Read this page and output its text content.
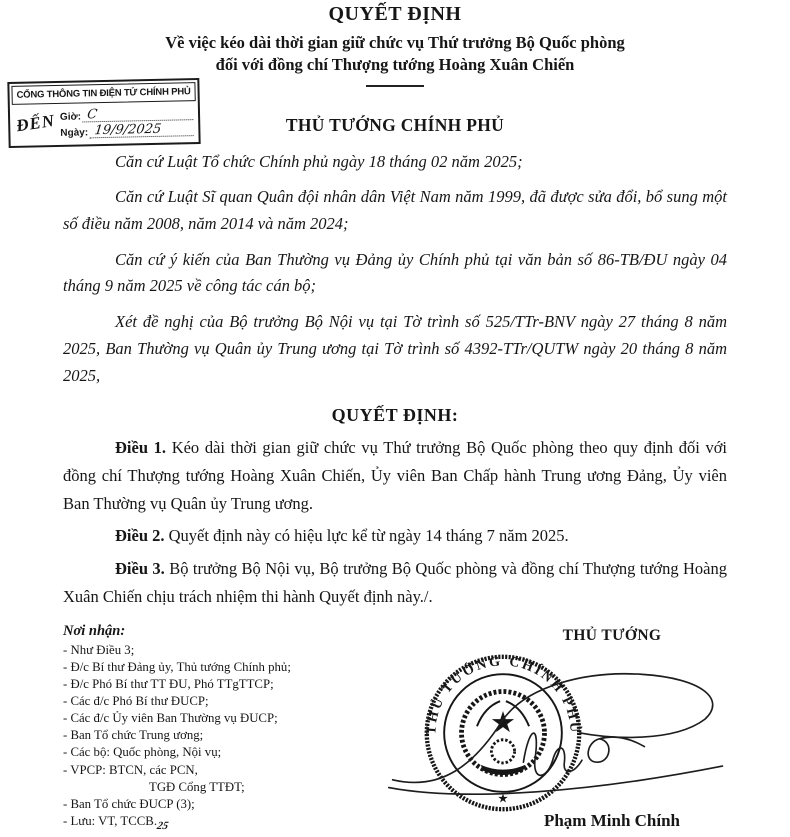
QUYẾT ĐỊNH
Về việc kéo dài thời gian giữ chức vụ Thứ trưởng Bộ Quốc phòng
đối với đồng chí Thượng tướng Hoàng Xuân Chiến
CỔNG THÔNG TIN ĐIỆN TỬ CHÍNH PHỦ
ĐẾN Giờ: C
Ngày: 19/9/2025	THỦ TƯỚNG CHÍNH PHỦ

Căn cứ Luật Tổ chức Chính phủ ngày 18 tháng 02 năm 2025;

Căn cứ Luật Sĩ quan Quân đội nhân dân Việt Nam năm 1999, đã được sửa đổi, bổ sung một số điều năm 2008, năm 2014 và năm 2024;

Căn cứ ý kiến của Ban Thường vụ Đảng ủy Chính phủ tại văn bản số 86-TB/ĐU ngày 04 tháng 9 năm 2025 về công tác cán bộ;

Xét đề nghị của Bộ trưởng Bộ Nội vụ tại Tờ trình số 525/TTr-BNV ngày 27 tháng 8 năm 2025, Ban Thường vụ Quân ủy Trung ương tại Tờ trình số 4392-TTr/QUTW ngày 20 tháng 8 năm 2025,

QUYẾT ĐỊNH:

Điều 1. Kéo dài thời gian giữ chức vụ Thứ trưởng Bộ Quốc phòng theo quy định đối với đồng chí Thượng tướng Hoàng Xuân Chiến, Ủy viên Ban Chấp hành Trung ương Đảng, Ủy viên Ban Thường vụ Quân ủy Trung ương.

Điều 2. Quyết định này có hiệu lực kể từ ngày 14 tháng 7 năm 2025.

Điều 3. Bộ trưởng Bộ Nội vụ, Bộ trưởng Bộ Quốc phòng và đồng chí Thượng tướng Hoàng Xuân Chiến chịu trách nhiệm thi hành Quyết định này./.

Nơi nhận:
- Như Điều 3;
- Đ/c Bí thư Đảng ủy, Thủ tướng Chính phủ;
- Đ/c Phó Bí thư TT ĐU, Phó TTgTTCP;
- Các đ/c Phó Bí thư ĐUCP;
- Các đ/c Ủy viên Ban Thường vụ ĐUCP;
- Ban Tổ chức Trung ương;
- Các bộ: Quốc phòng, Nội vụ;
- VPCP: BTCN, các PCN,
TGĐ Cổng TTĐT;
- Ban Tổ chức ĐUCP (3);
- Lưu: VT, TCCB.25
THỦ TƯỚNG
THỦ TƯỚNG CHÍNH PHỦ
★
★
Phạm Minh Chính
